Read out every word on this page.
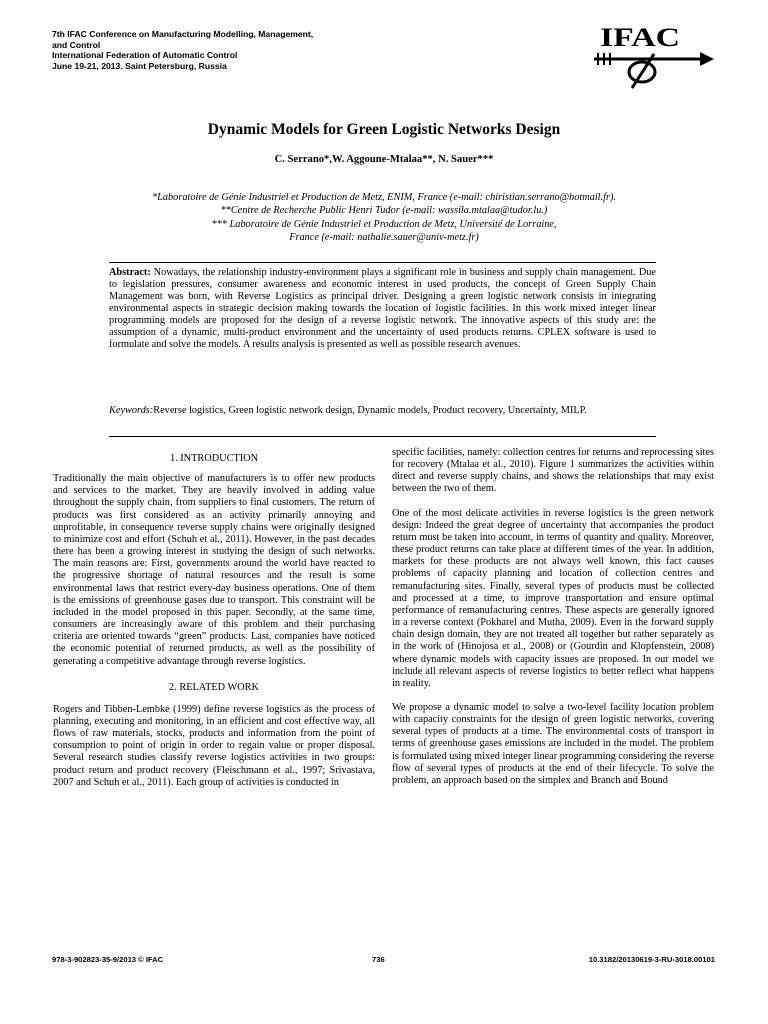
7th IFAC Conference on Manufacturing Modelling, Management,
and Control
International Federation of Automatic Control
June 19-21, 2013. Saint Petersburg, Russia
IFAC
Dynamic Models for Green Logistic Networks Design
C. Serrano*,W. Aggoune-Mtalaa**, N. Sauer***
*Laboratoire de Génie Industriel et Production de Metz, ENIM, France (e-mail: chiristian.serrano@hotmail.fr).
**Centre de Recherche Public Henri Tudor (e-mail: wassila.mtalaa@tudor.lu.)
*** Laboratoire de Génie Industriel et Production de Metz, Université de Lorraine,
France (e-mail: nathalie.sauer@univ-metz.fr)
Abstract: Nowadays, the relationship industry-environment plays a significant role in business and supply chain management. Due to legislation pressures, consumer awareness and economic interest in used products, the concept of Green Supply Chain Management was born, with Reverse Logistics as principal driver. Designing a green logistic network consists in integrating environmental aspects in strategic decision making towards the location of logistic facilities. In this work mixed integer linear programming models are proposed for the design of a reverse logistic network. The innovative aspects of this study are: the assumption of a dynamic, multi-product environment and the uncertainty of used products returns. CPLEX software is used to formulate and solve the models. A results analysis is presented as well as possible research avenues.
Keywords:Reverse logistics, Green logistic network design, Dynamic models, Product recovery, Uncertainty, MILP.

1. INTRODUCTION

Traditionally the main objective of manufacturers is to offer new products and services to the market. They are heavily involved in adding value throughout the supply chain, from suppliers to final customers. The return of products was first considered as an activity primarily annoying and unprofitable, in consequence reverse supply chains were originally designed to minimize cost and effort (Schuh et al., 2011). However, in the past decades there has been a growing interest in studying the design of such networks. The main reasons are: First, governments around the world have reacted to the progressive shortage of natural resources and the result is some environmental laws that restrict every-day business operations. One of them is the emissions of greenhouse gases due to transport. This constraint will be included in the model proposed in this paper. Secondly, at the same time, consumers are increasingly aware of this problem and their purchasing criteria are oriented towards “green” products. Last, companies have noticed the economic potential of returned products, as well as the possibility of generating a competitive advantage through reverse logistics.

2. RELATED WORK

Rogers and Tibben-Lembke (1999) define reverse logistics as the process of planning, executing and monitoring, in an efficient and cost effective way, all flows of raw materials, stocks, products and information from the point of consumption to point of origin in order to regain value or proper disposal. Several research studies classify reverse logistics activities in two groups: product return and product recovery (Fleischmann et al., 1997; Srivastava, 2007 and Schuh et al., 2011). Each group of activities is conducted in

specific facilities, namely: collection centres for returns and reprocessing sites for recovery (Mtalaa et al., 2010). Figure 1 summarizes the activities within direct and reverse supply chains, and shows the relationships that may exist between the two of them.

One of the most delicate activities in reverse logistics is the green network design: Indeed the great degree of uncertainty that accompanies the product return must be taken into account, in terms of quantity and quality. Moreover, these product returns can take place at different times of the year. In addition, markets for these products are not always well known, this fact causes problems of capacity planning and location of collection centres and remanufacturing sites. Finally, several types of products must be collected and processed at a time, to improve transportation and ensure optimal performance of remanufacturing centres. These aspects are generally ignored in a reverse context (Pokharel and Mutha, 2009). Even in the forward supply chain design domain, they are not treated all together but rather separately as in the work of (Hinojosa et al., 2008) or (Gourdin and Klopfenstein, 2008) where dynamic models with capacity issues are proposed. In our model we include all relevant aspects of reverse logistics to better reflect what happens in reality.

We propose a dynamic model to solve a two-level facility location problem with capacity constraints for the design of green logistic networks, covering several types of products at a time. The environmental costs of transport in terms of greenhouse gases emissions are included in the model. The problem is formulated using mixed integer linear programming considering the reverse flow of several types of products at the end of their lifecycle. To solve the problem, an approach based on the simplex and Branch and Bound

978-3-902823-35-9/2013 © IFAC	736	10.3182/20130619-3-RU-3018.00101
